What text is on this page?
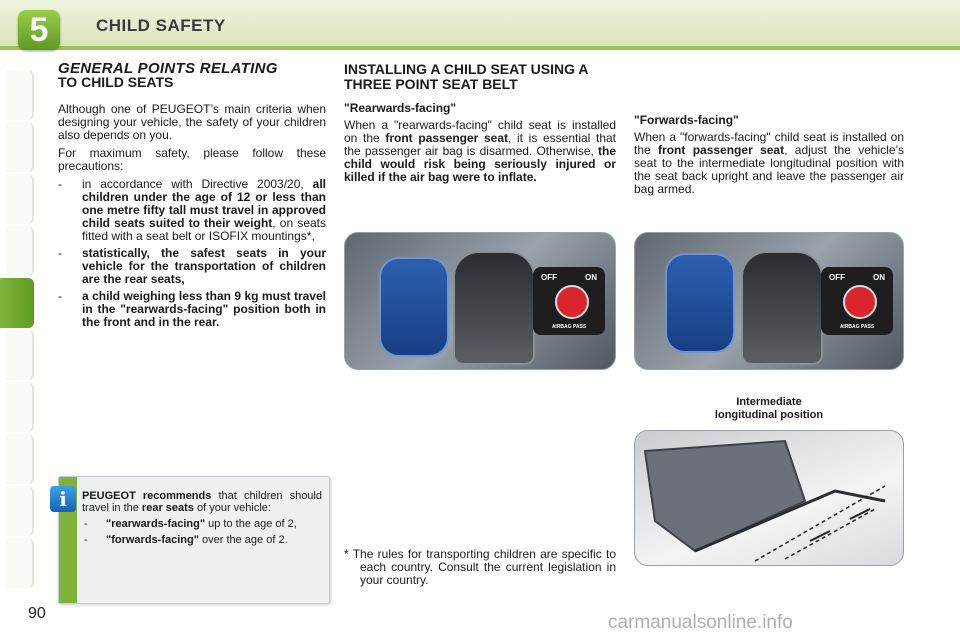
5	CHILD SAFETY
GENERAL POINTS RELATING
TO CHILD SEATS

Although one of PEUGEOT’s main criteria when designing your vehicle, the safety of your children also depends on you.

For maximum safety, please follow these precautions:

- in accordance with Directive 2003/20, all children under the age of 12 or less than one metre fifty tall must travel in approved child seats suited to their weight, on seats fitted with a seat belt or ISOFIX mountings*,
- statistically, the safest seats in your vehicle for the transportation of children are the rear seats,
- a child weighing less than 9 kg must travel in the "rearwards-facing" position both in the front and in the rear.
INSTALLING A CHILD SEAT USING A THREE POINT SEAT BELT
"Rearwards-facing"

When a "rearwards-facing" child seat is installed on the front passenger seat, it is essential that the passenger air bag is disarmed. Otherwise, the child would risk being seriously injured or killed if the air bag were to inflate.

"Forwards-facing"

When a "forwards-facing" child seat is installed on the front passenger seat, adjust the vehicle’s seat to the intermediate longitudinal position with the seat back upright and leave the passenger air bag armed.

OFF	ON
AIRBAG PASS
OFF	ON
AIRBAG PASS
Intermediate
longitudinal position
* The rules for transporting children are specific to each country. Consult the current legislation in your country.
i	PEUGEOT recommends that children should travel in the rear seats of your vehicle:

- "rearwards-facing" up to the age of 2,
- "forwards-facing" over the age of 2.
90	carmanualsonline.info
